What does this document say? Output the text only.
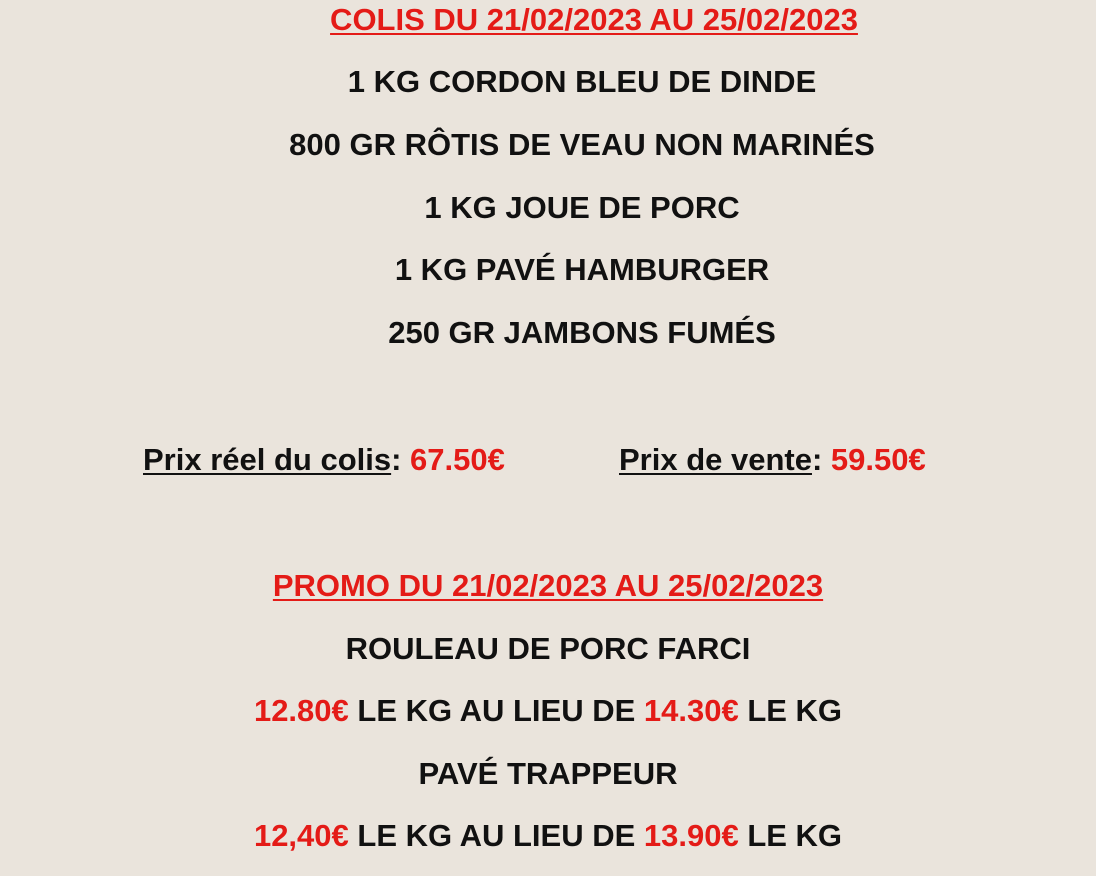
COLIS DU 21/02/2023 AU 25/02/2023
1 KG CORDON BLEU DE DINDE
800 GR RÔTIS DE VEAU NON MARINÉS
1 KG JOUE DE PORC
1 KG PAVÉ HAMBURGER
250 GR JAMBONS FUMÉS
Prix réel du colis: 67.50€	Prix de vente: 59.50€
PROMO DU 21/02/2023 AU 25/02/2023
ROULEAU DE PORC FARCI
12.80€ LE KG AU LIEU DE 14.30€ LE KG
PAVÉ TRAPPEUR
12,40€ LE KG AU LIEU DE 13.90€ LE KG
